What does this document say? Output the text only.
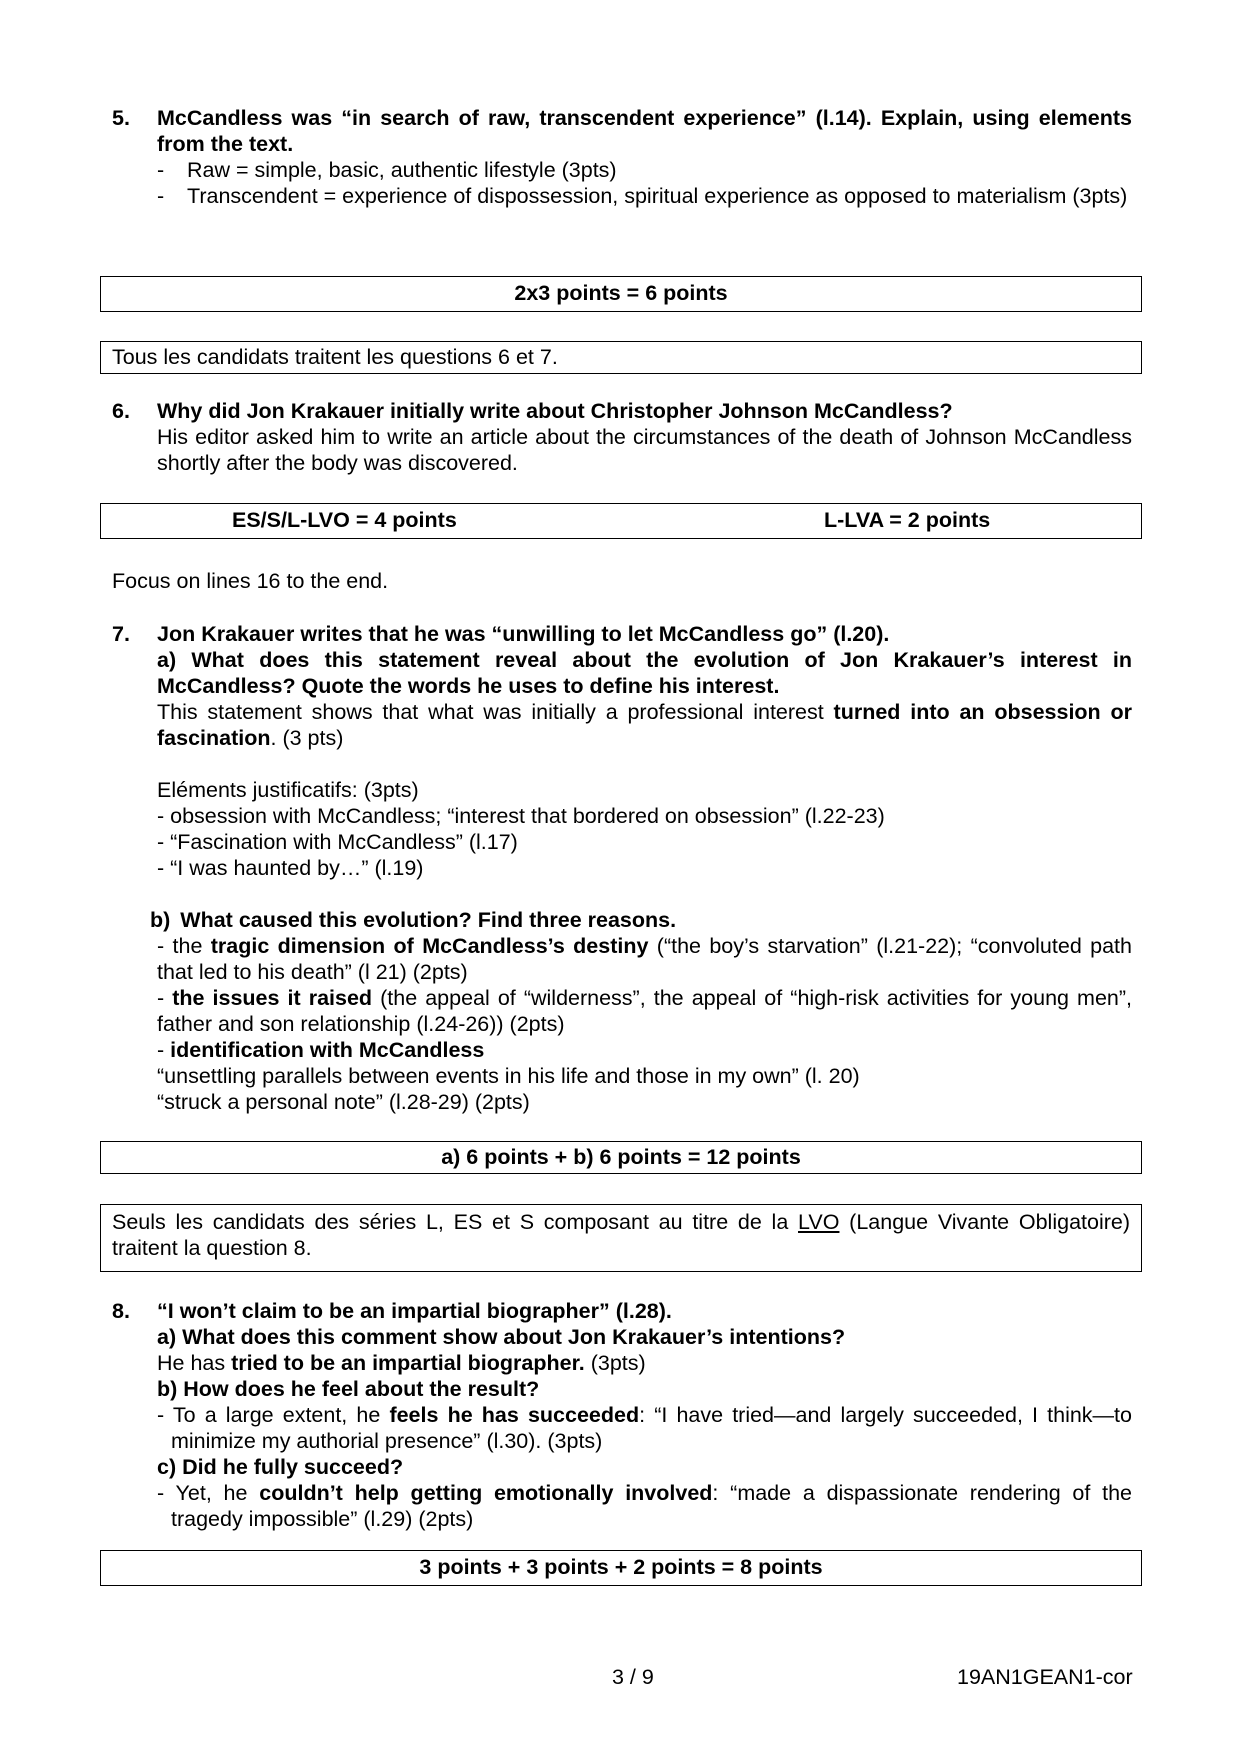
5. McCandless was “in search of raw, transcendent experience” (l.14). Explain, using elements from the text.

-	Raw = simple, basic, authentic lifestyle (3pts)
-	Transcendent = experience of dispossession, spiritual experience as opposed to materialism (3pts)
2x3 points = 6 points
Tous les candidats traitent les questions 6 et 7.
6. Why did Jon Krakauer initially write about Christopher Johnson McCandless?

His editor asked him to write an article about the circumstances of the death of Johnson McCandless shortly after the body was discovered.

ES/S/L-LVO = 4 points	L-LVA = 2 points

Focus on lines 16 to the end.

7. Jon Krakauer writes that he was “unwilling to let McCandless go” (l.20).

a) What does this statement reveal about the evolution of Jon Krakauer’s interest in McCandless? Quote the words he uses to define his interest.

This statement shows that what was initially a professional interest turned into an obsession or fascination. (3 pts)

Eléments justificatifs: (3pts)

- obsession with McCandless; “interest that bordered on obsession” (l.22-23)

- “Fascination with McCandless” (l.17)

- “I was haunted by…” (l.19)

b) What caused this evolution? Find three reasons.

- the tragic dimension of McCandless’s destiny (“the boy’s starvation” (l.21-22); “convoluted path that led to his death” (l 21) (2pts)

- the issues it raised (the appeal of “wilderness”, the appeal of “high-risk activities for young men”, father and son relationship (l.24-26)) (2pts)

- identification with McCandless

“unsettling parallels between events in his life and those in my own” (l. 20)

“struck a personal note” (l.28-29) (2pts)

a) 6 points + b) 6 points = 12 points

Seuls les candidats des séries L, ES et S composant au titre de la LVO (Langue Vivante Obligatoire) traitent la question 8.

8. “I won’t claim to be an impartial biographer” (l.28).

a) What does this comment show about Jon Krakauer’s intentions?

He has tried to be an impartial biographer. (3pts)

b) How does he feel about the result?

- To a large extent, he feels he has succeeded: “I have tried—and largely succeeded, I think—to minimize my authorial presence” (l.30). (3pts)

c) Did he fully succeed?

- Yet, he couldn’t help getting emotionally involved: “made a dispassionate rendering of the tragedy impossible” (l.29) (2pts)

3 points + 3 points + 2 points = 8 points
3 / 9	19AN1GEAN1-cor
